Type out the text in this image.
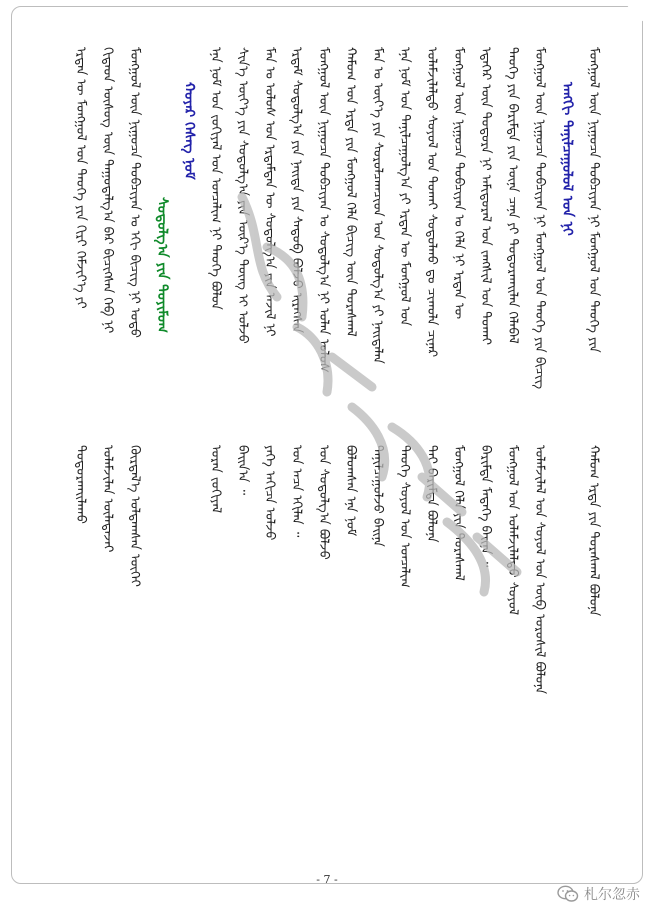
ᠮᠣᠩᠭᠣᠯ ᠦᠨ ᠨᠢᠭᠤᠴᠠ ᠲᠣᠪᠴᠢᠶᠠᠨ ᠨᠢ ᠮᠣᠩᠭᠣᠯ ᠤᠨ ᠲᠡᠦᠬᠡ ᠶᠢᠨ
ᠬᠠᠮᠤᠭ ᠡᠷᠲᠡ ᠶᠢᠨ ᠳᠤᠷᠠᠰᠬᠠᠯ ᠪᠣᠯᠤᠨᠠ
ᠠᠩᠭᠢ ᠲᠠᠨᠢᠯᠴᠠᠭᠤᠯᠤᠯ ᠤᠨ ᠨᠢ
ᠮᠣᠩᠭᠣᠯ ᠦᠨ ᠨᠢᠭᠤᠴᠠ ᠲᠣᠪᠴᠢᠶᠠᠨ ᠨᠢ ᠮᠣᠩᠭᠣᠯ ᠤᠨ ᠲᠡᠦᠬᠡ ᠶᠢᠨ ᠪᠢᠴᠢᠭ
ᠤᠯᠠᠮᠵᠢᠯᠠᠯ ᠤᠨ ᠰᠣᠶᠣᠯ ᠤᠨ ᠦᠪ ᠣᠷᠣᠰᠢᠯ ᠪᠣᠯᠤᠨᠠ
ᠲᠡᠦᠬᠡ ᠶᠢᠨ ᠪᠠᠷᠢᠮᠲᠠ ᠶᠢᠨ ᠦᠨᠡ ᠴᠡᠨᠡ ᠶᠢ ᠲᠣᠳᠣᠷᠬᠠᠢᠯᠠᠨ ᠬᠡᠯᠡᠪᠡᠯ
ᠮᠣᠩᠭᠣᠯ ᠤᠨ ᠤᠯᠠᠮᠵᠢᠯᠠᠯᠲᠤ ᠰᠣᠶᠣᠯ
ᠡᠳᠡᠭᠡᠷ ᠦᠨ ᠳᠣᠲᠣᠷᠠ ᠨᠢ ᠠᠮᠢᠳᠤᠷᠠᠯ ᠤᠨ ᠵᠠᠩᠱᠢᠯ ᠤᠨ ᠲᠤᠬᠠᠢ
ᠪᠠᠷᠢᠮᠲᠠ ᠮᠡᠳᠡᠭᠡ ᠪᠠᠢᠨᠠ ᠃
ᠮᠣᠩᠭᠣᠯ ᠦᠨ ᠨᠢᠭᠤᠴᠠ ᠲᠣᠪᠴᠢᠶᠠᠨ ᠤ ᠬᠡᠯᠡ ᠨᠢ ᠡᠷᠲᠡᠨ ᠦ
ᠮᠣᠩᠭᠣᠯ ᠬᠡᠯᠡ ᠶᠢᠨ ᠳᠤᠷᠠᠰᠬᠠᠯ
ᠤᠯᠠᠮᠵᠢᠯᠠᠯᠲᠤ ᠰᠣᠶᠣᠯ ᠤᠨ ᠲᠤᠬᠠᠢ ᠰᠣᠳᠤᠯᠬᠤ ᠳᠤ ᠴᠢᠬᠤᠯᠠ ᠴᠢᠨᠠᠷ
ᠲᠠᠢ ᠪᠠᠷᠢᠮᠲᠠ ᠪᠣᠯᠤᠨᠠ
ᠡᠨᠡ ᠨᠣᠮ ᠤᠨ ᠲᠠᠨᠢᠯᠴᠠᠭᠤᠯᠭ᠎ᠠ ᠶᠢ ᠡᠷᠲᠡᠨ ᠦ ᠮᠣᠩᠭᠣᠯ ᠤᠨ
ᠲᠡᠦᠬᠡ ᠰᠣᠶᠣᠯ ᠤᠨ ᠣᠨᠴᠠᠯᠢᠭ
ᠮᠠᠨ ᠤ ᠦᠶ᠎ᠡ ᠶᠢᠨ ᠰᠤᠷᠤᠯᠴᠠᠭᠴᠢᠳ ᠤᠨ ᠰᠣᠳᠤᠯᠭ᠎ᠠ ᠶᠢ ᠨᠡᠢᠲᠡᠯᠡᠨ
ᠲᠠᠨᠢᠯᠴᠠᠭᠤᠯᠵᠤ ᠪᠠᠢᠨᠠ
ᠬᠠᠮᠤᠭ ᠤᠨ ᠡᠷᠲᠡ ᠶᠢᠨ ᠮᠣᠩᠭᠣᠯ ᠬᠡᠯᠡ ᠪᠢᠴᠢᠭ ᠦᠨ ᠳᠤᠷᠠᠰᠬᠠᠯ
ᠪᠣᠯᠤᠭᠰᠠᠨ ᠡᠨᠡ ᠨᠣᠮ
ᠮᠣᠩᠭᠣᠯ ᠦᠨ ᠨᠢᠭᠤᠴᠠ ᠲᠣᠪᠴᠢᠶᠠᠨ ᠤ ᠰᠤᠳᠤᠯᠭ᠎ᠠ ᠨᠢ ᠣᠯᠠᠨ ᠤᠯᠤᠰ
ᠤᠨ ᠰᠣᠳᠤᠯᠭ᠎ᠠ ᠪᠣᠯᠵᠤ
ᠡᠷᠳᠡᠮ ᠰᠣᠳᠤᠯᠭ᠎ᠠ ᠶᠢᠨ ᠨᠡᠢᠲᠡ ᠶᠢᠨ ᠰᠡᠳᠦᠪ ᠪᠣᠯᠵᠤ ᠢᠷᠡᠭᠰᠡᠨ
ᠣᠨ ᠠᠴᠠ ᠡᠬᠢᠯᠡᠨ ᠃
ᠮᠠᠨ ᠤ ᠤᠯᠤᠰ ᠤᠨ ᠡᠷᠳᠡᠮᠲᠡᠨ ᠦ ᠰᠣᠳᠤᠯᠭ᠎ᠠ ᠶᠢᠨ ᠠᠵᠢᠯ ᠨᠢ
ᠶᠡᠬᠡ ᠠᠬᠢᠴᠠ ᠣᠯᠵᠤ
ᠰᠢᠨ᠎ᠡ ᠦᠶ᠎ᠡ ᠶᠢᠨ ᠰᠣᠳᠤᠯᠭ᠎ᠠ ᠶᠢᠨ ᠦᠷ᠎ᠡ ᠳᠦᠩ ᠢ ᠣᠯᠵᠤ
ᠪᠠᠢᠨ᠎ᠠ ᠃
ᠡᠨᠡ ᠨᠣᠮ ᠤᠨ ᠵᠣᠬᠢᠶᠠᠯ ᠤᠨ ᠣᠨᠴᠠᠯᠢᠭ ᠨᠢ ᠲᠡᠦᠬᠡ ᠪᠣᠯᠤᠨ
ᠤᠷᠠᠨ ᠵᠣᠬᠢᠶᠠᠯ
ᠬᠣᠶᠠᠷ ᠬᠡᠰᠡᠭ ᠨᠣᠮ
ᠰᠣᠳᠤᠯᠭ᠎ᠠ ᠶᠢᠨ ᠳᠣᠶᠢᠮᠤᠭ
ᠮᠣᠩᠭᠣᠯ ᠦᠨ ᠨᠢᠭᠤᠴᠠ ᠲᠣᠪᠴᠢᠶᠠᠨ ᠤ ᠡᠬᠢ ᠪᠢᠴᠢᠭ ᠨᠢ ᠣᠳᠣ
ᠬᠦᠷᠲᠡᠯ᠎ᠡ ᠣᠯᠳᠠᠭᠰᠠᠨ ᠦᠭᠡᠢ
ᠬᠢᠲᠠᠳ ᠦᠰᠦᠭ ᠦᠨ ᠳᠠᠭᠤᠳᠠᠯᠭ᠎ᠠ ᠪᠠᠷ ᠪᠢᠴᠢᠭᠰᠡᠨ ᠬᠡᠪ ᠨᠢ
ᠤᠯᠠᠮᠵᠢᠯᠠᠨ ᠦᠯᠡᠳᠡᠵᠡᠢ
ᠡᠷᠲᠡᠨ ᠦ ᠮᠣᠩᠭᠣᠯ ᠤᠨ ᠲᠡᠦᠬᠡ ᠶᠢᠨ ᠬᠢᠷᠢ ᠬᠡᠮᠵᠢᠶ᠎ᠡ ᠶᠢ
ᠲᠣᠳᠣᠷᠬᠠᠢᠯᠠᠬᠤ
- 7 -
札尔忽赤
